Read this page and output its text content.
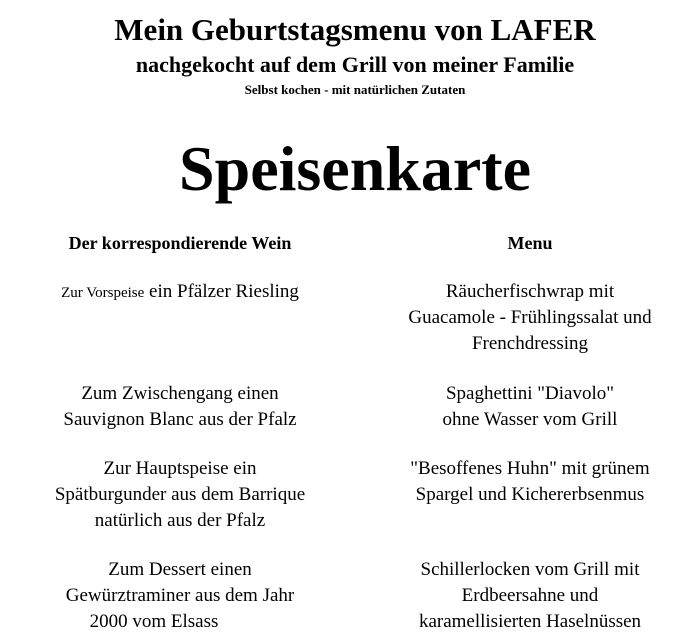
Mein Geburtstagsmenu von LAFER
nachgekocht auf dem Grill von meiner Familie
Selbst kochen - mit natürlichen Zutaten
Speisenkarte
Der korrespondierende Wein	Menu
Zur Vorspeise ein Pfälzer Riesling	Räucherfischwrap mit
Guacamole - Frühlingssalat und
Frenchdressing
Zum Zwischengang einen
Sauvignon Blanc aus der Pfalz
Spaghettini "Diavolo"
ohne Wasser vom Grill
Zur Hauptspeise ein
Spätburgunder aus dem Barrique
natürlich aus der Pfalz
"Besoffenes Huhn" mit grünem
Spargel und Kichererbsenmus
Zum Dessert einen
Gewürztraminer aus dem Jahr
2000 vom Elsass
Schillerlocken vom Grill mit
Erdbeersahne und
karamellisierten Haselnüssen
